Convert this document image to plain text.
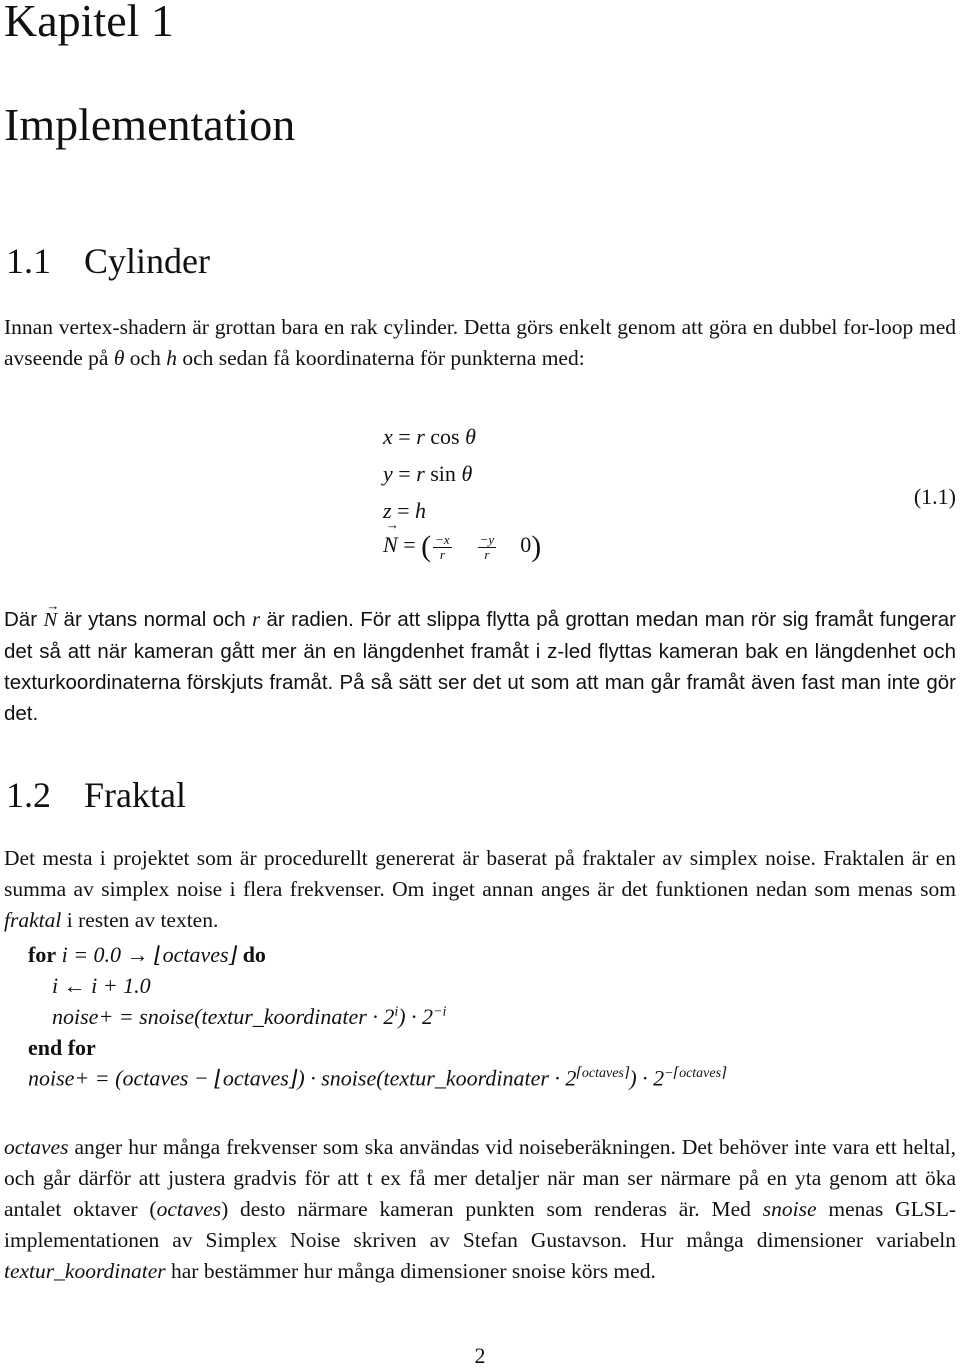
Kapitel 1
Implementation
1.1 Cylinder
Innan vertex-shadern är grottan bara en rak cylinder. Detta görs enkelt genom att göra en dubbel for-loop med avseende på θ och h och sedan få koordinaterna för punkterna med:
x = r cos θ
y = r sin θ
z = h
→ N = ( $\frac{-x}{r}$
$\frac{-y}{r} 0$)
(1.1)
Där → N är ytans normal och r är radien. För att slippa flytta på grottan medan man rör sig framåt fungerar det så att när kameran gått mer än en längdenhet framåt i z-led flyttas kameran bak en längdenhet och texturkoordinaterna förskjuts framåt. På så sätt ser det ut som att man går framåt även fast man inte gör det.
1.2 Fraktal
Det mesta i projektet som är procedurellt genererat är baserat på fraktaler av simplex noise. Fraktalen är en summa av simplex noise i flera frekvenser. Om inget annan anges är det funktionen nedan som menas som fraktal i resten av texten.
for i = 0.0 → ⌊octaves⌋ do
i ← i + 1.0
noise+ = snoise(textur_koordinater · $2^i) \cdot 2^{-i}$
end for
noise+ = (octaves − ⌊octaves⌋) · snoise(textur_koordinater · $2^{⌈octaves⌉}) \cdot 2^{-⌈octaves⌉}$
octaves anger hur många frekvenser som ska användas vid noiseberäkningen. Det behöver inte vara ett heltal, och går därför att justera gradvis för att t ex få mer detaljer när man ser närmare på en yta genom att öka antalet oktaver (octaves) desto närmare kameran punkten som renderas är. Med snoise menas GLSL-implementationen av Simplex Noise skriven av Stefan Gustavson. Hur många dimensioner variabeln textur_koordinater har bestämmer hur många dimensioner snoise körs med.
2
